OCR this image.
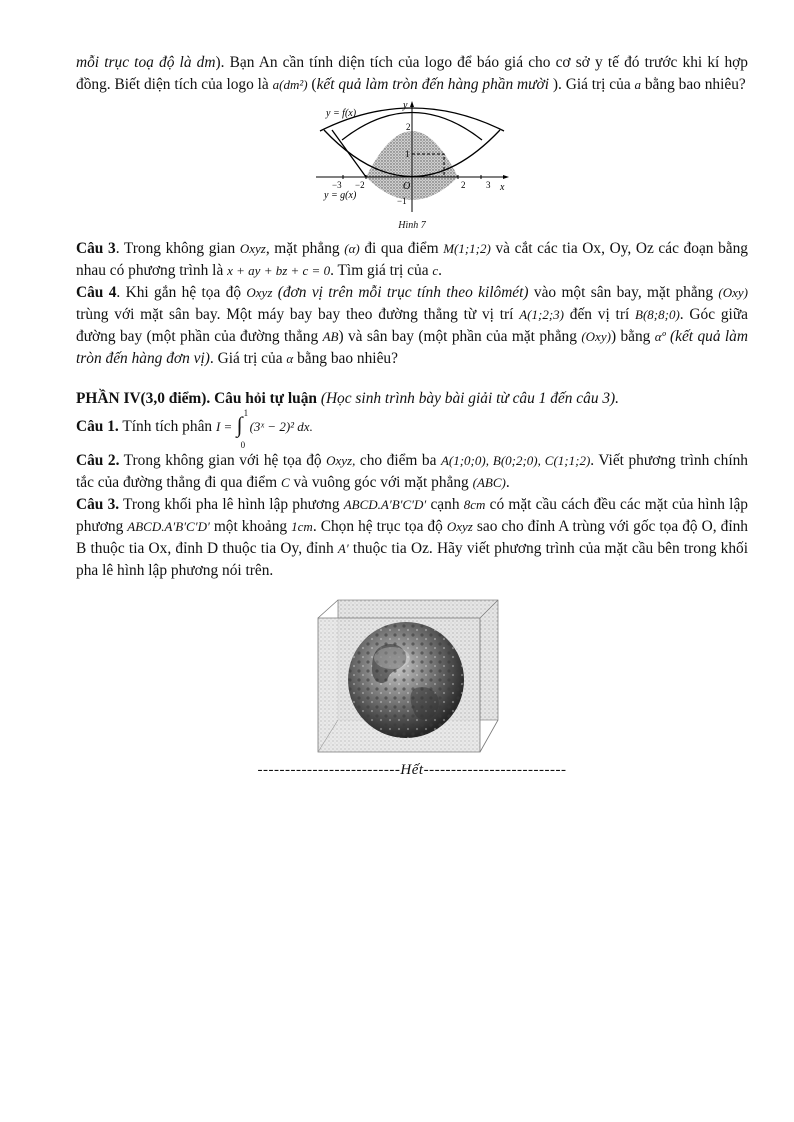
mỗi trục toạ độ là dm). Bạn An cần tính diện tích của logo để báo giá cho cơ sở y tế đó trước khi kí hợp đồng. Biết diện tích của logo là a(dm²) (kết quả làm tròn đến hàng phần mười ). Giá trị của a bằng bao nhiêu?

y = f(x)
y = g(x)
x
y
O
−3 −2	2 3
2
1
−1
Hình 7

Câu 3. Trong không gian Oxyz, mặt phẳng (α) đi qua điểm M(1;1;2) và cắt các tia Ox, Oy, Oz các đoạn bằng nhau có phương trình là x + ay + bz + c = 0. Tìm giá trị của c.

Câu 4. Khi gắn hệ tọa độ Oxyz (đơn vị trên mỗi trục tính theo kilômét) vào một sân bay, mặt phẳng (Oxy) trùng với mặt sân bay. Một máy bay bay theo đường thẳng từ vị trí A(1;2;3) đến vị trí B(8;8;0). Góc giữa đường bay (một phần của đường thẳng AB) và sân bay (một phần của mặt phẳng (Oxy)) bằng αº (kết quả làm tròn đến hàng đơn vị). Giá trị của α bằng bao nhiêu?

PHẦN IV(3,0 điểm). Câu hỏi tự luận (Học sinh trình bày bài giải từ câu 1 đến câu 3).

Câu 1. Tính tích phân I = ∫ 1
0
(3ˣ − 2)² dx.

Câu 2. Trong không gian với hệ tọa độ Oxyz, cho điểm ba A(1;0;0), B(0;2;0), C(1;1;2). Viết phương trình chính tắc của đường thẳng đi qua điểm C và vuông góc với mặt phẳng (ABC).

Câu 3. Trong khối pha lê hình lập phương ABCD.A′B′C′D′ cạnh 8cm có mặt cầu cách đều các mặt của hình lập phương ABCD.A′B′C′D′ một khoảng 1cm. Chọn hệ trục tọa độ Oxyz sao cho đỉnh A trùng với gốc tọa độ O, đỉnh B thuộc tia Ox, đỉnh D thuộc tia Oy, đỉnh A′ thuộc tia Oz. Hãy viết phương trình của mặt cầu bên trong khối pha lê hình lập phương nói trên.

--------------------------Hết--------------------------
